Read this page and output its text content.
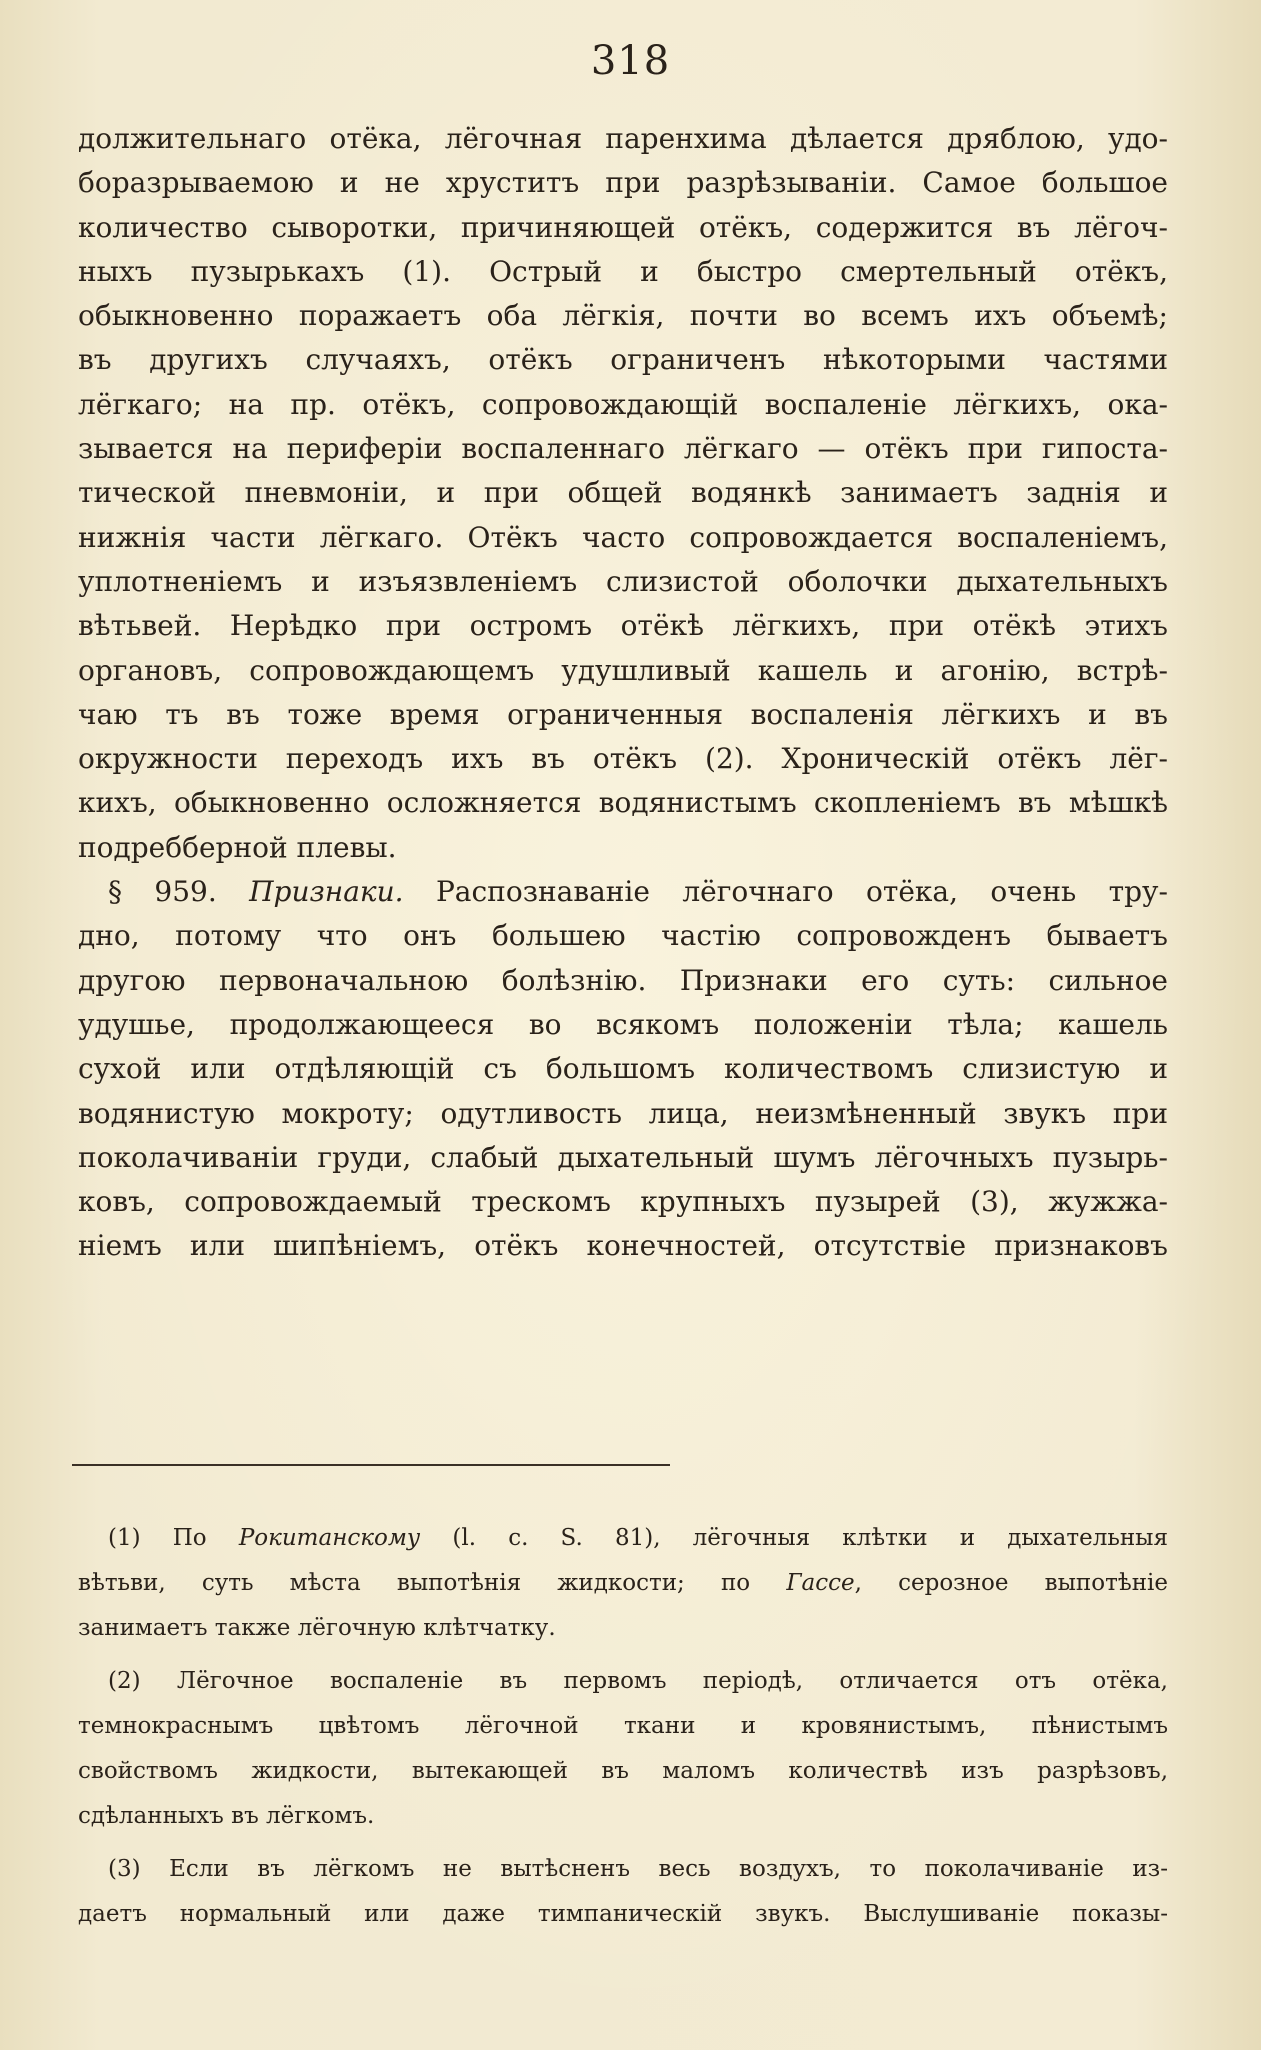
318
должительнаго отёка, лёгочная паренхима дѣлается дряблою, удо-
боразрываемою и не хруститъ при разрѣзываніи. Самое большое
количество сыворотки, причиняющей отёкъ, содержится въ лёгоч-
ныхъ пузырькахъ (1). Острый и быстро смертельный отёкъ,
обыкновенно поражаетъ оба лёгкія, почти во всемъ ихъ объемѣ;
въ другихъ случаяхъ, отёкъ ограниченъ нѣкоторыми частями
лёгкаго; на пр. отёкъ, сопровождающій воспаленіе лёгкихъ, ока-
зывается на периферіи воспаленнаго лёгкаго — отёкъ при гипоста-
тической пневмоніи, и при общей водянкѣ занимаетъ заднія и
нижнія части лёгкаго. Отёкъ часто сопровождается воспаленіемъ,
уплотненіемъ и изъязвленіемъ слизистой оболочки дыхательныхъ
вѣтьвей. Нерѣдко при остромъ отёкѣ лёгкихъ, при отёкѣ этихъ
органовъ, сопровождающемъ удушливый кашель и агонію, встрѣ-
чаю тъ въ тоже время ограниченныя воспаленія лёгкихъ и въ
окружности переходъ ихъ въ отёкъ (2). Хроническій отёкъ лёг-
кихъ, обыкновенно осложняется водянистымъ скопленіемъ въ мѣшкѣ
подребберной плевы.
§ 959. Признаки. Распознаваніе лёгочнаго отёка, очень тру-
дно, потому что онъ большею частію сопровожденъ бываетъ
другою первоначальною болѣзнію. Признаки его суть: сильное
удушье, продолжающееся во всякомъ положеніи тѣла; кашель
сухой или отдѣляющій съ большомъ количествомъ слизистую и
водянистую мокроту; одутливость лица, неизмѣненный звукъ при
поколачиваніи груди, слабый дыхательный шумъ лёгочныхъ пузырь-
ковъ, сопровождаемый трескомъ крупныхъ пузырей (3), жужжа-
ніемъ или шипѣніемъ, отёкъ конечностей, отсутствіе признаковъ
(1) По Рокитанскому (l. c. S. 81), лёгочныя клѣтки и дыхательныя
вѣтьви, суть мѣста выпотѣнія жидкости; по Гассе, серозное выпотѣніе
занимаетъ также лёгочную клѣтчатку.
(2) Лёгочное воспаленіе въ первомъ періодѣ, отличается отъ отёка,
темнокраснымъ цвѣтомъ лёгочной ткани и кровянистымъ, пѣнистымъ
свойствомъ жидкости, вытекающей въ маломъ количествѣ изъ разрѣзовъ,
сдѣланныхъ въ лёгкомъ.
(3) Если въ лёгкомъ не вытѣсненъ весь воздухъ, то поколачиваніе из-
даетъ нормальный или даже тимпаническій звукъ. Выслушиваніе показы-
